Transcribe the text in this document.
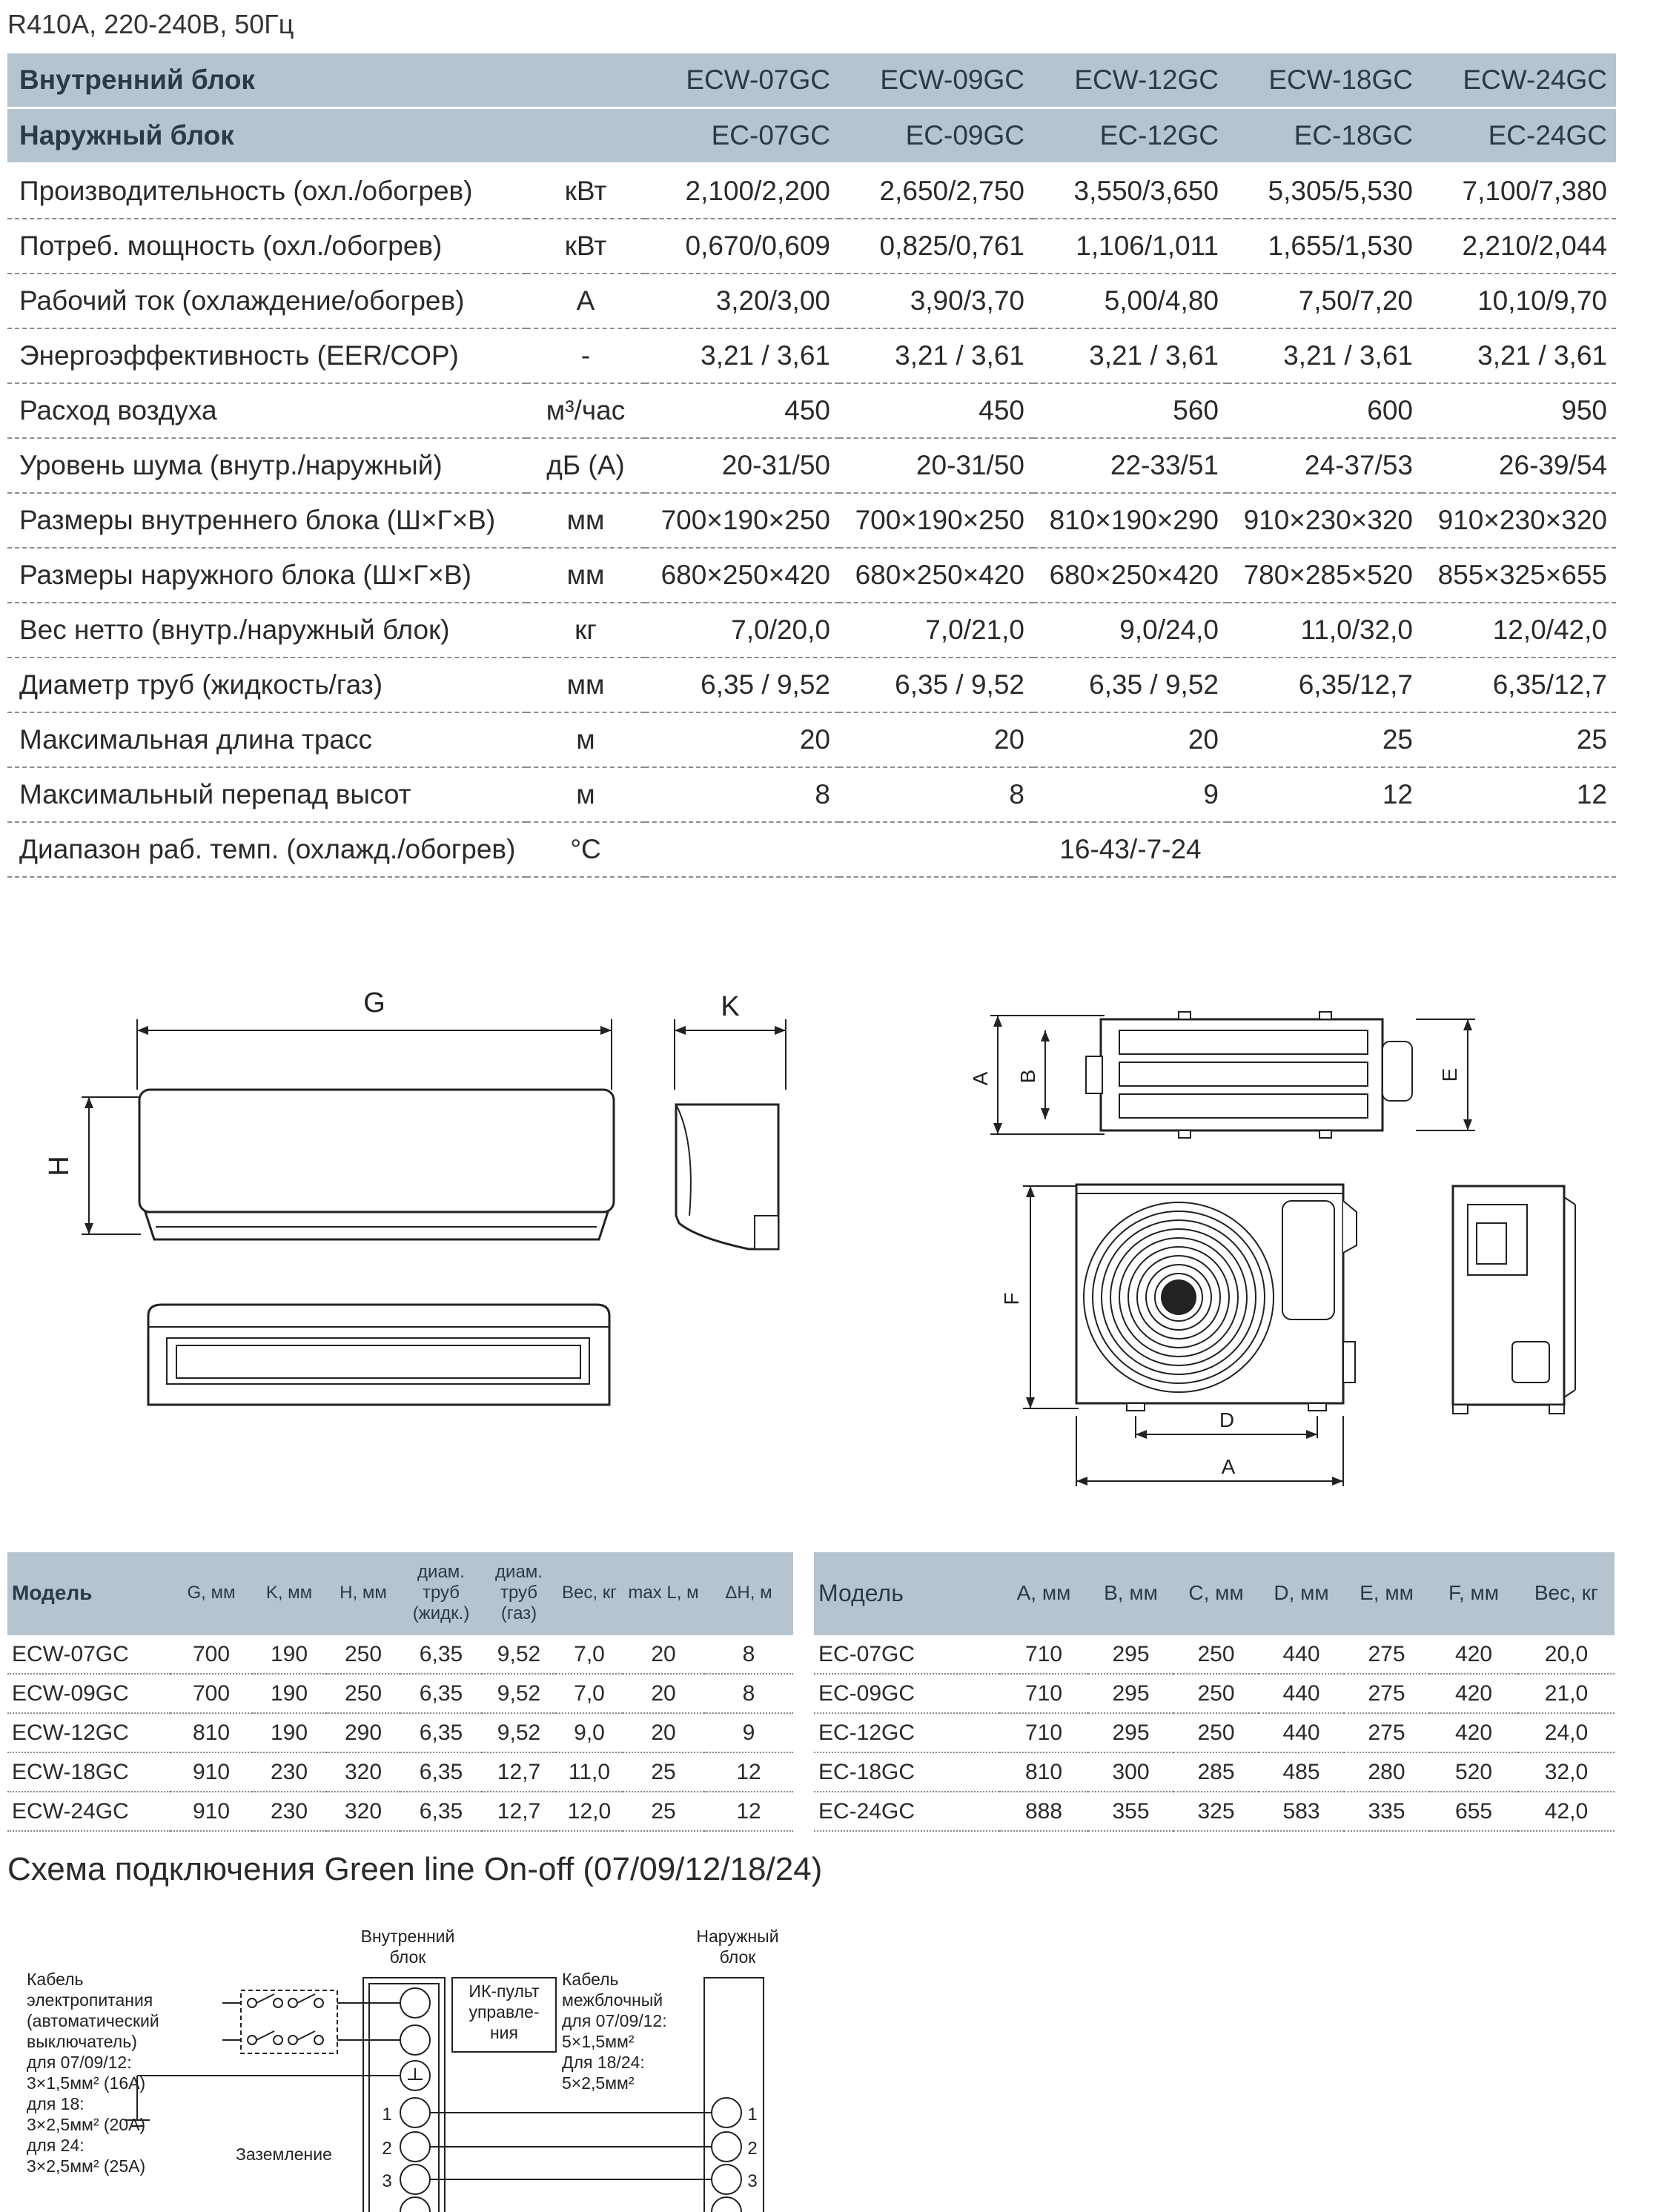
R410A, 220-240В, 50Гц
Внутренний блок		ECW-07GC	ECW-09GC	ECW-12GC	ECW-18GC	ECW-24GC
Наружный блок		EC-07GC	EC-09GC	EC-12GC	EC-18GC	EC-24GC
Производительность (охл./обогрев)	кВт	2,100/2,200	2,650/2,750	3,550/3,650	5,305/5,530	7,100/7,380
Потреб. мощность (охл./обогрев)	кВт	0,670/0,609	0,825/0,761	1,106/1,011	1,655/1,530	2,210/2,044
Рабочий ток (охлаждение/обогрев)	А	3,20/3,00	3,90/3,70	5,00/4,80	7,50/7,20	10,10/9,70
Энергоэффективность (EER/COP)	-	3,21 / 3,61	3,21 / 3,61	3,21 / 3,61	3,21 / 3,61	3,21 / 3,61
Расход воздуха	м³/час	450	450	560	600	950
Уровень шума (внутр./наружный)	дБ (А)	20-31/50	20-31/50	22-33/51	24-37/53	26-39/54
Размеры внутреннего блока (Ш×Г×В)	мм	700×190×250	700×190×250	810×190×290	910×230×320	910×230×320
Размеры наружного блока (Ш×Г×В)	мм	680×250×420	680×250×420	680×250×420	780×285×520	855×325×655
Вес нетто (внутр./наружный блок)	кг	7,0/20,0	7,0/21,0	9,0/24,0	11,0/32,0	12,0/42,0
Диаметр труб (жидкость/газ)	мм	6,35 / 9,52	6,35 / 9,52	6,35 / 9,52	6,35/12,7	6,35/12,7
Максимальная длина трасс	м	20	20	20	25	25
Максимальный перепад высот	м	8	8	9	12	12
Диапазон раб. темп. (охлажд./обогрев)	°C	16-43/-7-24				
G
H
K
A B	E
F
D
A
Модель	G, мм	K, мм	H, мм	диам. труб (жидк.)	диам. труб (газ)	Вес, кг	max L, м	ΔH, м
ECW-07GC	700	190	250	6,35	9,52	7,0	20	8
ECW-09GC	700	190	250	6,35	9,52	7,0	20	8
ECW-12GC	810	190	290	6,35	9,52	9,0	20	9
ECW-18GC	910	230	320	6,35	12,7	11,0	25	12
ECW-24GC	910	230	320	6,35	12,7	12,0	25	12
Модель	A, мм	B, мм	C, мм	D, мм	E, мм	F, мм	Вес, кг
EC-07GC	710	295	250	440	275	420	20,0
EC-09GC	710	295	250	440	275	420	21,0
EC-12GC	710	295	250	440	275	420	24,0
EC-18GC	810	300	285	485	280	520	32,0
EC-24GC	888	355	325	583	335	655	42,0
Схема подключения Green line On-off (07/09/12/18/24)
1
2
3
1
2
3
Внутренний
блок
Наружный
блок
Кабель
электропитания
(автоматический
выключатель)
для 07/09/12:
3×1,5мм² (16А)
для 18:
3×2,5мм² (20А)
для 24:
3×2,5мм² (25А)
ИК-пульт
управле-
ния
Кабель
межблочный
для 07/09/12:
5×1,5мм²
Для 18/24:
5×2,5мм²
Заземление
